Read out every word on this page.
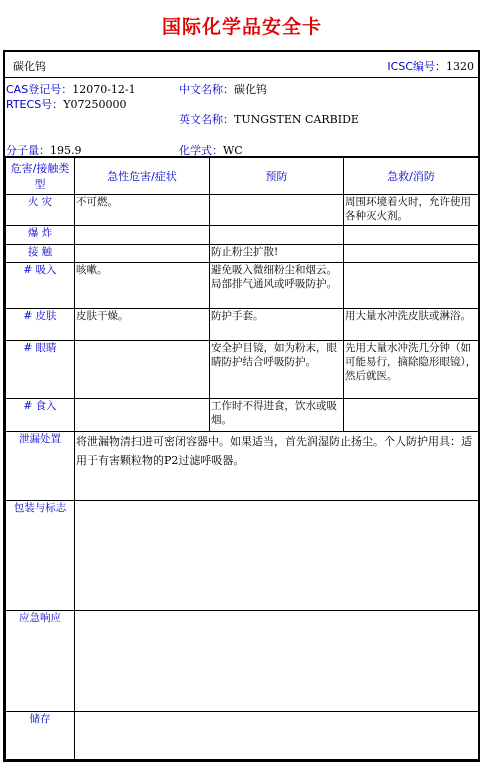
国际化学品安全卡
碳化钨	ICSC编号：1320
CAS登记号：12070-12-1
RTECS号：Y07250000
中文名称：碳化钨
英文名称：TUNGSTEN CARBIDE
分子量：195.9	化学式：WC
危害/接触类型	急性危害/症状	预防	急救/消防
火 灾	不可燃。		周围环境着火时，允许使用各种灭火剂。
爆 炸			
接 触		防止粉尘扩散!	
# 吸入	咳嗽。	避免吸入微细粉尘和烟云。局部排气通风或呼吸防护。	
# 皮肤	皮肤干燥。	防护手套。	用大量水冲洗皮肤或淋浴。
# 眼睛		安全护目镜，如为粉末，眼睛防护结合呼吸防护。	先用大量水冲洗几分钟（如可能易行，摘除隐形眼镜），然后就医。
# 食入		工作时不得进食，饮水或吸烟。	
泄漏处置	将泄漏物清扫进可密闭容器中。如果适当，首先润湿防止扬尘。个人防护用具：适用于有害颗粒物的P2过滤呼吸器。		
包装与标志			
应急响应			
储存			
